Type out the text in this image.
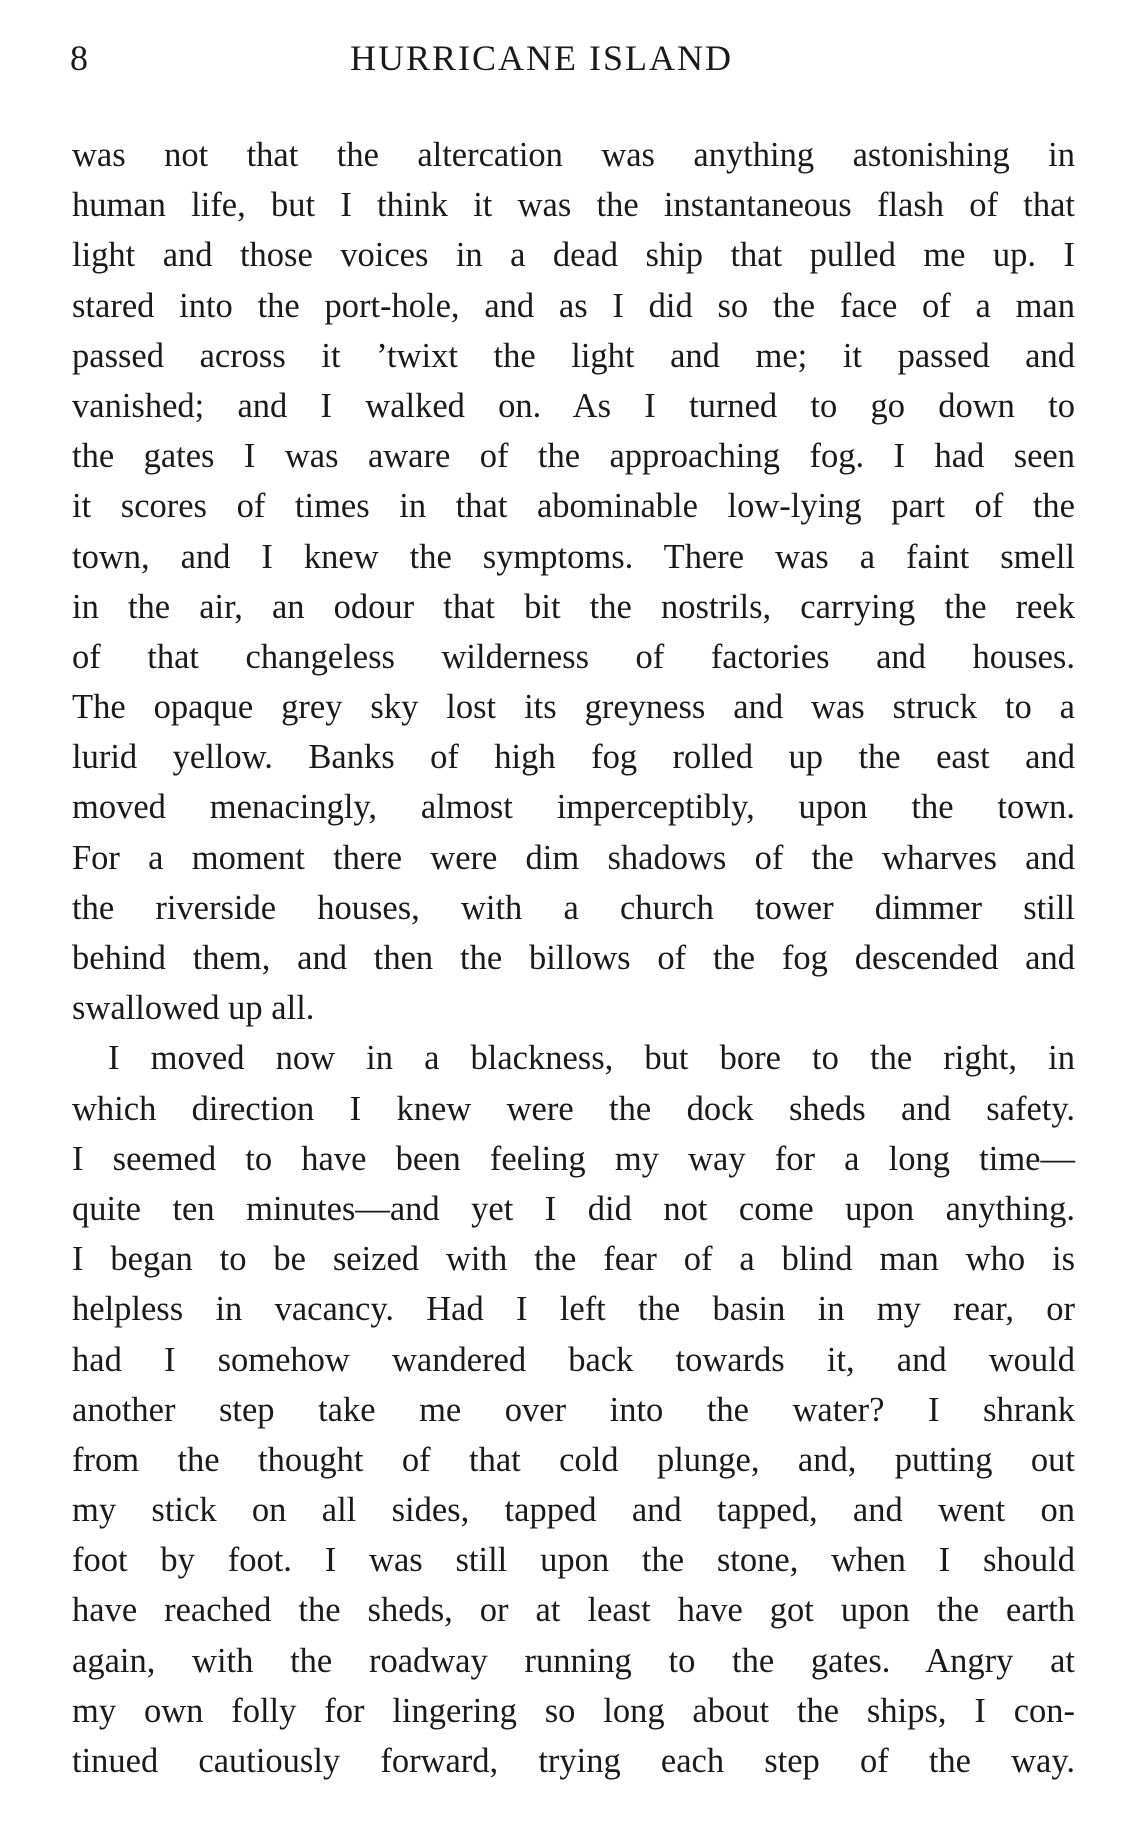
8	HURRICANE ISLAND
was not that the altercation was anything astonishing in
human life, but I think it was the instantaneous flash of that
light and those voices in a dead ship that pulled me up. I
stared into the port-hole, and as I did so the face of a man
passed across it ’twixt the light and me; it passed and
vanished; and I walked on. As I turned to go down to
the gates I was aware of the approaching fog. I had seen
it scores of times in that abominable low-lying part of the
town, and I knew the symptoms. There was a faint smell
in the air, an odour that bit the nostrils, carrying the reek
of that changeless wilderness of factories and houses.
The opaque grey sky lost its greyness and was struck to a
lurid yellow. Banks of high fog rolled up the east and
moved menacingly, almost imperceptibly, upon the town.
For a moment there were dim shadows of the wharves and
the riverside houses, with a church tower dimmer still
behind them, and then the billows of the fog descended and
swallowed up all.
I moved now in a blackness, but bore to the right, in
which direction I knew were the dock sheds and safety.
I seemed to have been feeling my way for a long time—
quite ten minutes—and yet I did not come upon anything.
I began to be seized with the fear of a blind man who is
helpless in vacancy. Had I left the basin in my rear, or
had I somehow wandered back towards it, and would
another step take me over into the water? I shrank
from the thought of that cold plunge, and, putting out
my stick on all sides, tapped and tapped, and went on
foot by foot. I was still upon the stone, when I should
have reached the sheds, or at least have got upon the earth
again, with the roadway running to the gates. Angry at
my own folly for lingering so long about the ships, I con-
tinued cautiously forward, trying each step of the way.
